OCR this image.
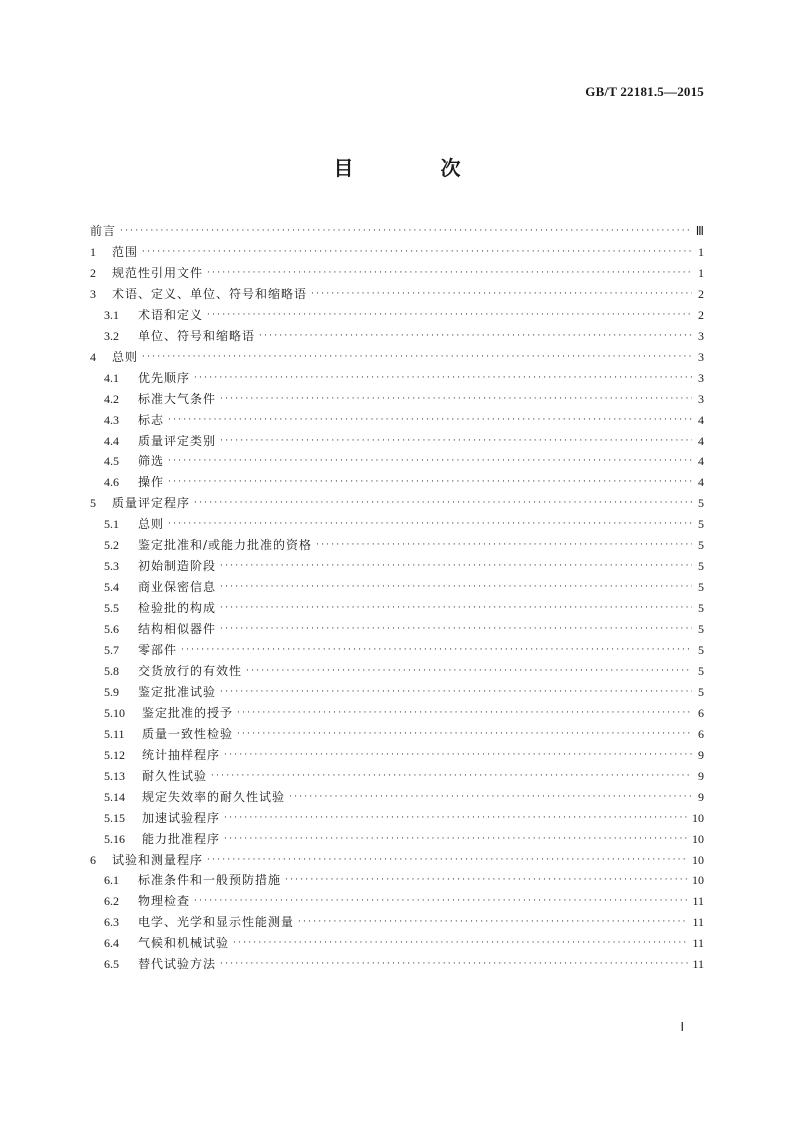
GB/T 22181.5—2015
目 次
前言 ·····	Ⅲ
1	范围 ·····	1
2	规范性引用文件 ·····	1
3	术语、定义、单位、符号和缩略语 ·····	2
3.1	术语和定义 ·····	2
3.2	单位、符号和缩略语 ·····	3
4	总则 ·····	3
4.1	优先顺序 ·····	3
4.2	标准大气条件 ·····	3
4.3	标志 ·····	4
4.4	质量评定类别 ·····	4
4.5	筛选 ·····	4
4.6	操作 ·····	4
5	质量评定程序 ·····	5
5.1	总则 ·····	5
5.2	鉴定批准和/或能力批准的资格 ·····	5
5.3	初始制造阶段 ·····	5
5.4	商业保密信息 ·····	5
5.5	检验批的构成 ·····	5
5.6	结构相似器件 ·····	5
5.7	零部件 ·····	5
5.8	交货放行的有效性 ·····	5
5.9	鉴定批准试验 ·····	5
5.10	鉴定批准的授予 ·····	6
5.11	质量一致性检验 ·····	6
5.12	统计抽样程序 ·····	9
5.13	耐久性试验 ·····	9
5.14	规定失效率的耐久性试验 ·····	9
5.15	加速试验程序 ·····	10
5.16	能力批准程序 ·····	10
6	试验和测量程序 ·····	10
6.1	标准条件和一般预防措施 ·····	10
6.2	物理检查 ·····	11
6.3	电学、光学和显示性能测量 ·····	11
6.4	气候和机械试验 ·····	11
6.5	替代试验方法 ·····	11
Ⅰ
